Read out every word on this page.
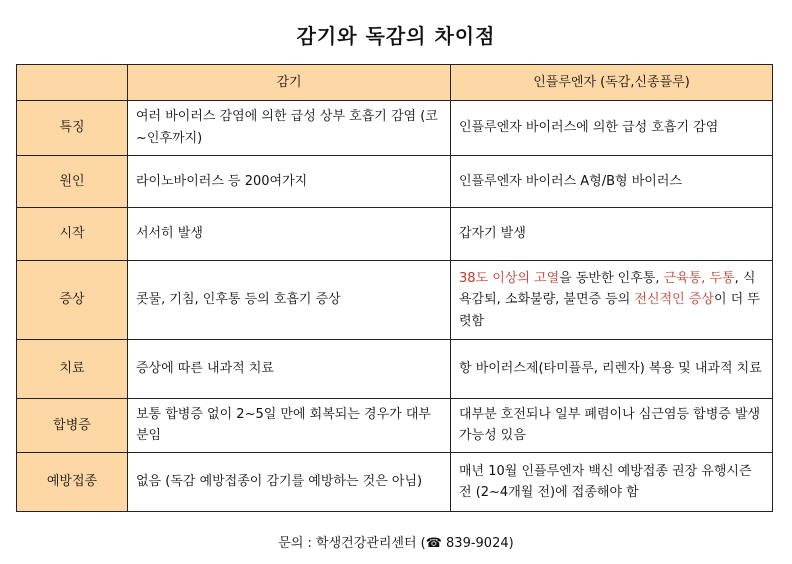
감기와 독감의 차이점
	감기	인플루엔자 (독감,신종플루)
특징	여러 바이러스 감염에 의한 급성 상부 호흡기 감염 (코~인후까지)	인플루엔자 바이러스에 의한 급성 호흡기 감염
원인	라이노바이러스 등 200여가지	인플루엔자 바이러스 A형/B형 바이러스
시작	서서히 발생	갑자기 발생
증상	콧물, 기침, 인후통 등의 호흡기 증상	38도 이상의 고열을 동반한 인후통, 근육통, 두통, 식욕감퇴, 소화불량, 불면증 등의 전신적인 증상이 더 뚜렷함
치료	증상에 따른 내과적 치료	항 바이러스제(타미플루, 리렌자) 복용 및 내과적 치료
합병증	보통 합병증 없이 2~5일 만에 회복되는 경우가 대부분임	대부분 호전되나 일부 폐렴이나 심근염등 합병증 발생 가능성 있음
예방접종	없음 (독감 예방접종이 감기를 예방하는 것은 아님)	매년 10월 인플루엔자 백신 예방접종 권장 유행시즌 전 (2~4개월 전)에 접종해야 함
문의 : 학생건강관리센터 (☎ 839-9024)
